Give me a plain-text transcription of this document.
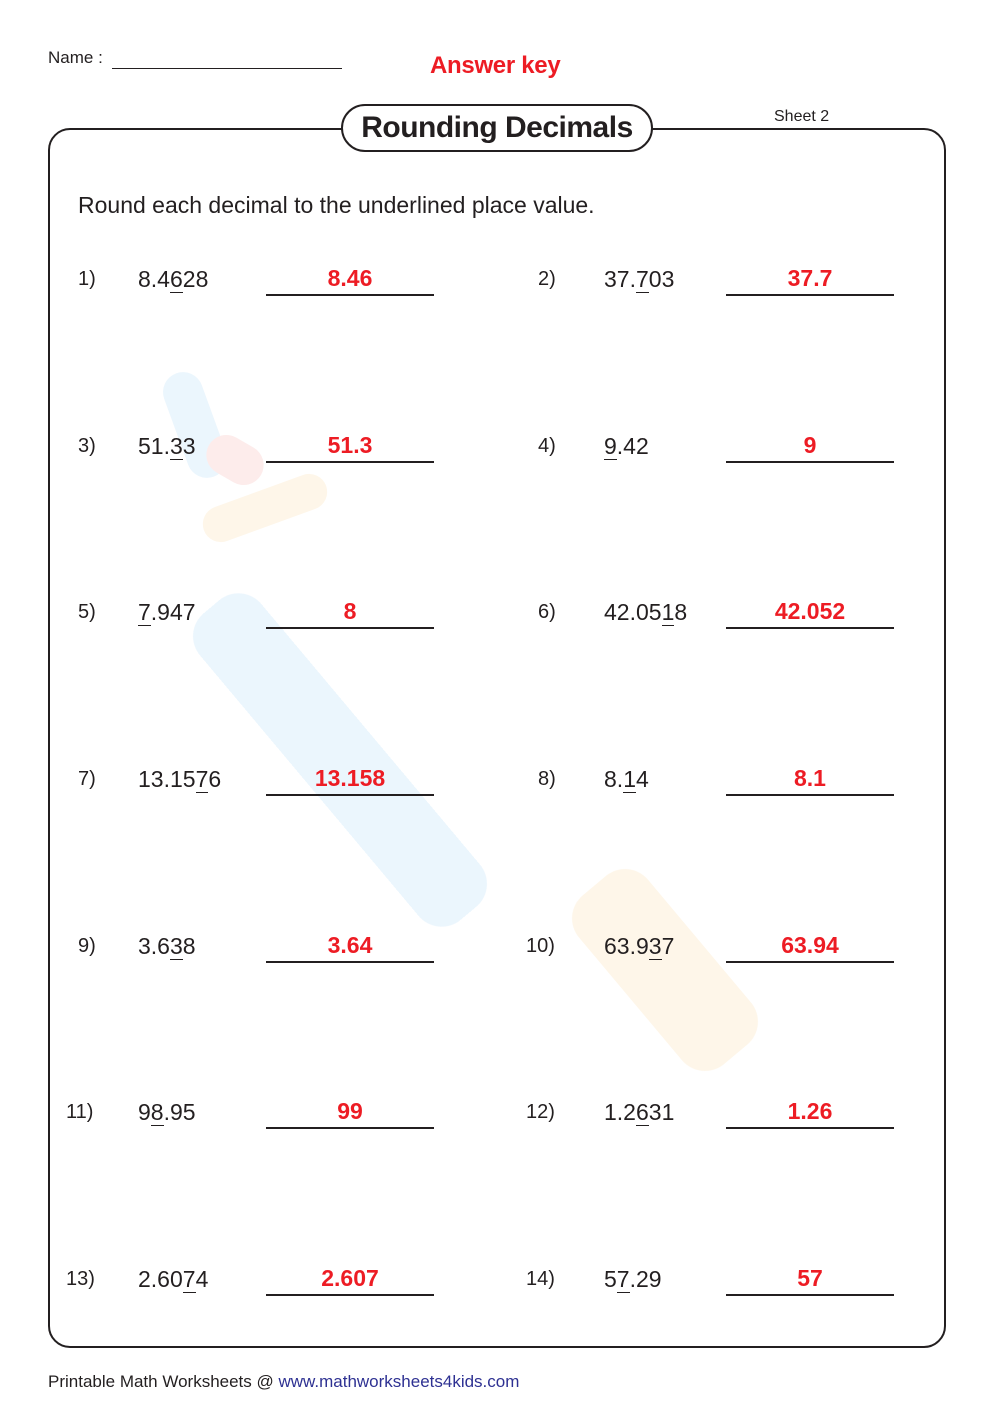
Name :	Answer key
Rounding Decimals	Sheet 2
Round each decimal to the underlined place value.
1) 8.4628	8.46	2) 37.703	37.7
3) 51.33	51.3	4) 9.42	9
5) 7.947	8	6) 42.0518	42.052
7) 13.1576	13.158	8) 8.14	8.1
9) 3.638	3.64	10) 63.937	63.94
11) 98.95	99	12) 1.2631	1.26
13) 2.6074	2.607	14) 57.29	57
Printable Math Worksheets @ www.mathworksheets4kids.com
